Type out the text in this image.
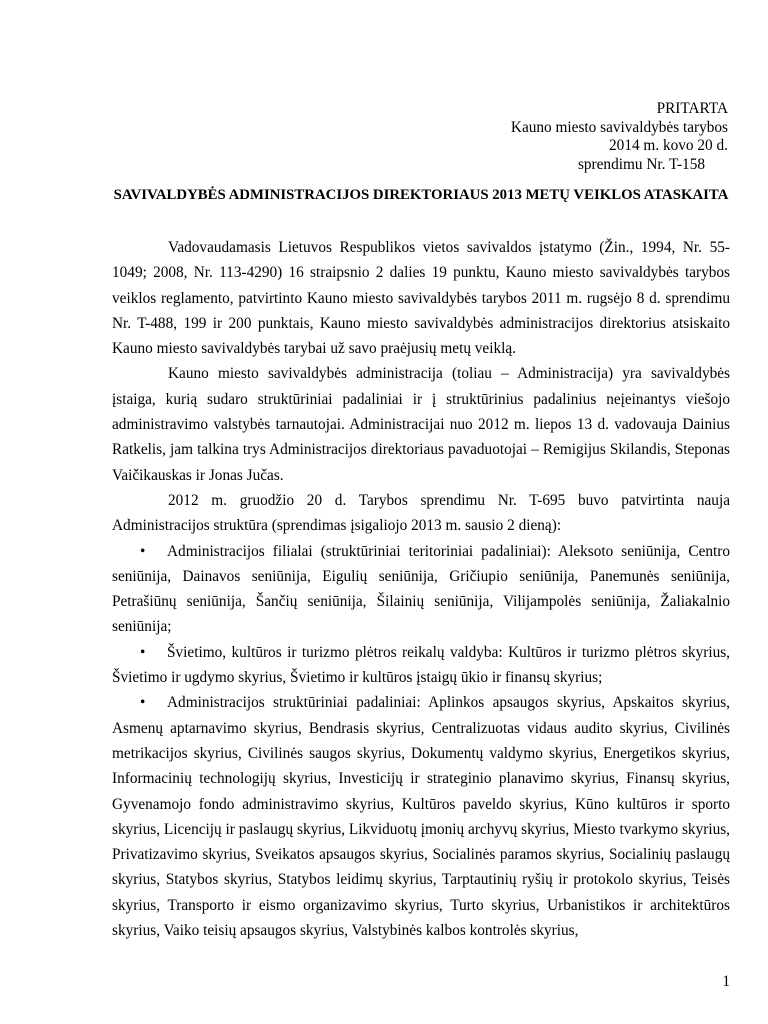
PRITARTA
Kauno miesto savivaldybės tarybos
2014 m. kovo 20 d.
sprendimu Nr. T-158
SAVIVALDYBĖS ADMINISTRACIJOS DIREKTORIAUS 2013 METŲ VEIKLOS ATASKAITA

Vadovaudamasis Lietuvos Respublikos vietos savivaldos įstatymo (Žin., 1994, Nr. 55-1049; 2008, Nr. 113-4290) 16 straipsnio 2 dalies 19 punktu, Kauno miesto savivaldybės tarybos veiklos reglamento, patvirtinto Kauno miesto savivaldybės tarybos 2011 m. rugsėjo 8 d. sprendimu Nr. T-488, 199 ir 200 punktais, Kauno miesto savivaldybės administracijos direktorius atsiskaito Kauno miesto savivaldybės tarybai už savo praėjusių metų veiklą.

Kauno miesto savivaldybės administracija (toliau – Administracija) yra savivaldybės įstaiga, kurią sudaro struktūriniai padaliniai ir į struktūrinius padalinius neįeinantys viešojo administravimo valstybės tarnautojai. Administracijai nuo 2012 m. liepos 13 d. vadovauja Dainius Ratkelis, jam talkina trys Administracijos direktoriaus pavaduotojai – Remigijus Skilandis, Steponas Vaičikauskas ir Jonas Jučas.

2012 m. gruodžio 20 d. Tarybos sprendimu Nr. T-695 buvo patvirtinta nauja Administracijos struktūra (sprendimas įsigaliojo 2013 m. sausio 2 dieną):

• Administracijos filialai (struktūriniai teritoriniai padaliniai): Aleksoto seniūnija, Centro seniūnija, Dainavos seniūnija, Eigulių seniūnija, Gričiupio seniūnija, Panemunės seniūnija, Petrašiūnų seniūnija, Šančių seniūnija, Šilainių seniūnija, Vilijampolės seniūnija, Žaliakalnio seniūnija;

• Švietimo, kultūros ir turizmo plėtros reikalų valdyba: Kultūros ir turizmo plėtros skyrius, Švietimo ir ugdymo skyrius, Švietimo ir kultūros įstaigų ūkio ir finansų skyrius;

• Administracijos struktūriniai padaliniai: Aplinkos apsaugos skyrius, Apskaitos skyrius, Asmenų aptarnavimo skyrius, Bendrasis skyrius, Centralizuotas vidaus audito skyrius, Civilinės metrikacijos skyrius, Civilinės saugos skyrius, Dokumentų valdymo skyrius, Energetikos skyrius, Informacinių technologijų skyrius, Investicijų ir strateginio planavimo skyrius, Finansų skyrius, Gyvenamojo fondo administravimo skyrius, Kultūros paveldo skyrius, Kūno kultūros ir sporto skyrius, Licencijų ir paslaugų skyrius, Likviduotų įmonių archyvų skyrius, Miesto tvarkymo skyrius, Privatizavimo skyrius, Sveikatos apsaugos skyrius, Socialinės paramos skyrius, Socialinių paslaugų skyrius, Statybos skyrius, Statybos leidimų skyrius, Tarptautinių ryšių ir protokolo skyrius, Teisės skyrius, Transporto ir eismo organizavimo skyrius, Turto skyrius, Urbanistikos ir architektūros skyrius, Vaiko teisių apsaugos skyrius, Valstybinės kalbos kontrolės skyrius,

1
